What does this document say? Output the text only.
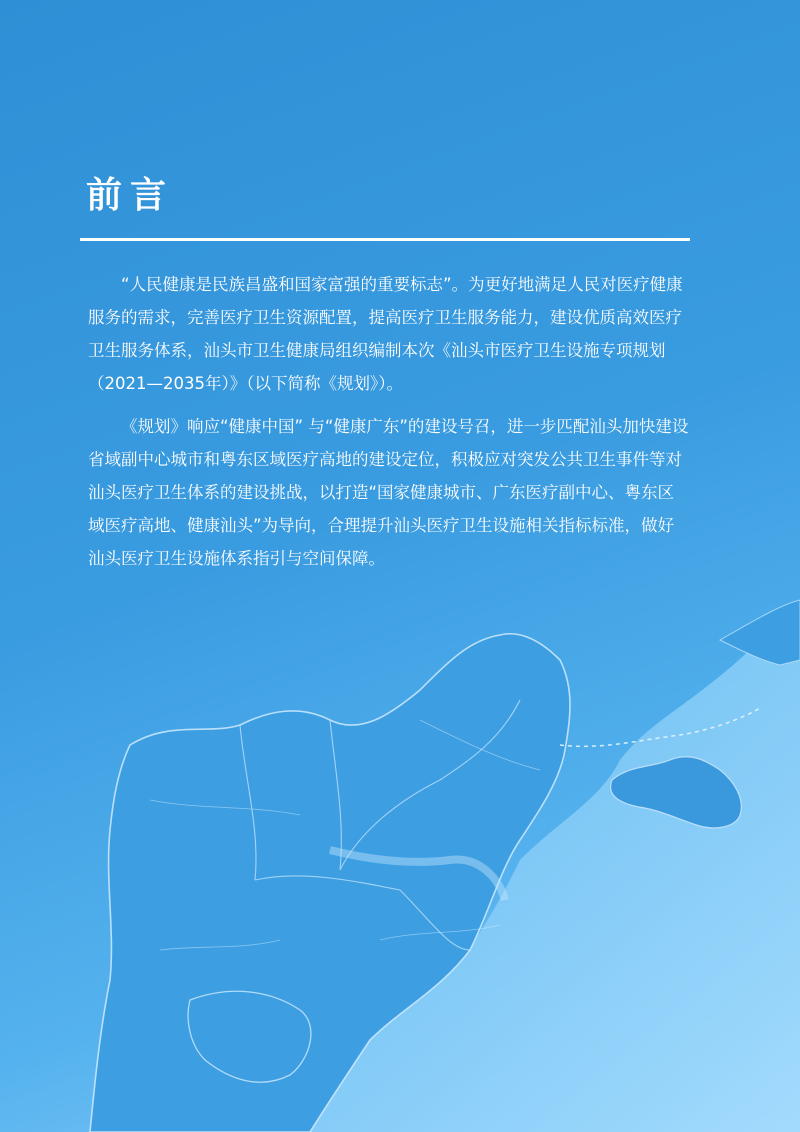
前言

“人民健康是民族昌盛和国家富强的重要标志”。为更好地满足人民对医疗健康服务的需求，完善医疗卫生资源配置，提高医疗卫生服务能力，建设优质高效医疗卫生服务体系，汕头市卫生健康局组织编制本次《汕头市医疗卫生设施专项规划（2021—2035年）》（以下简称《规划》）。

《规划》响应“健康中国” 与“健康广东”的建设号召，进一步匹配汕头加快建设省域副中心城市和粤东区域医疗高地的建设定位，积极应对突发公共卫生事件等对汕头医疗卫生体系的建设挑战，以打造“国家健康城市、广东医疗副中心、粤东区域医疗高地、健康汕头”为导向，合理提升汕头医疗卫生设施相关指标标准，做好汕头医疗卫生设施体系指引与空间保障。
